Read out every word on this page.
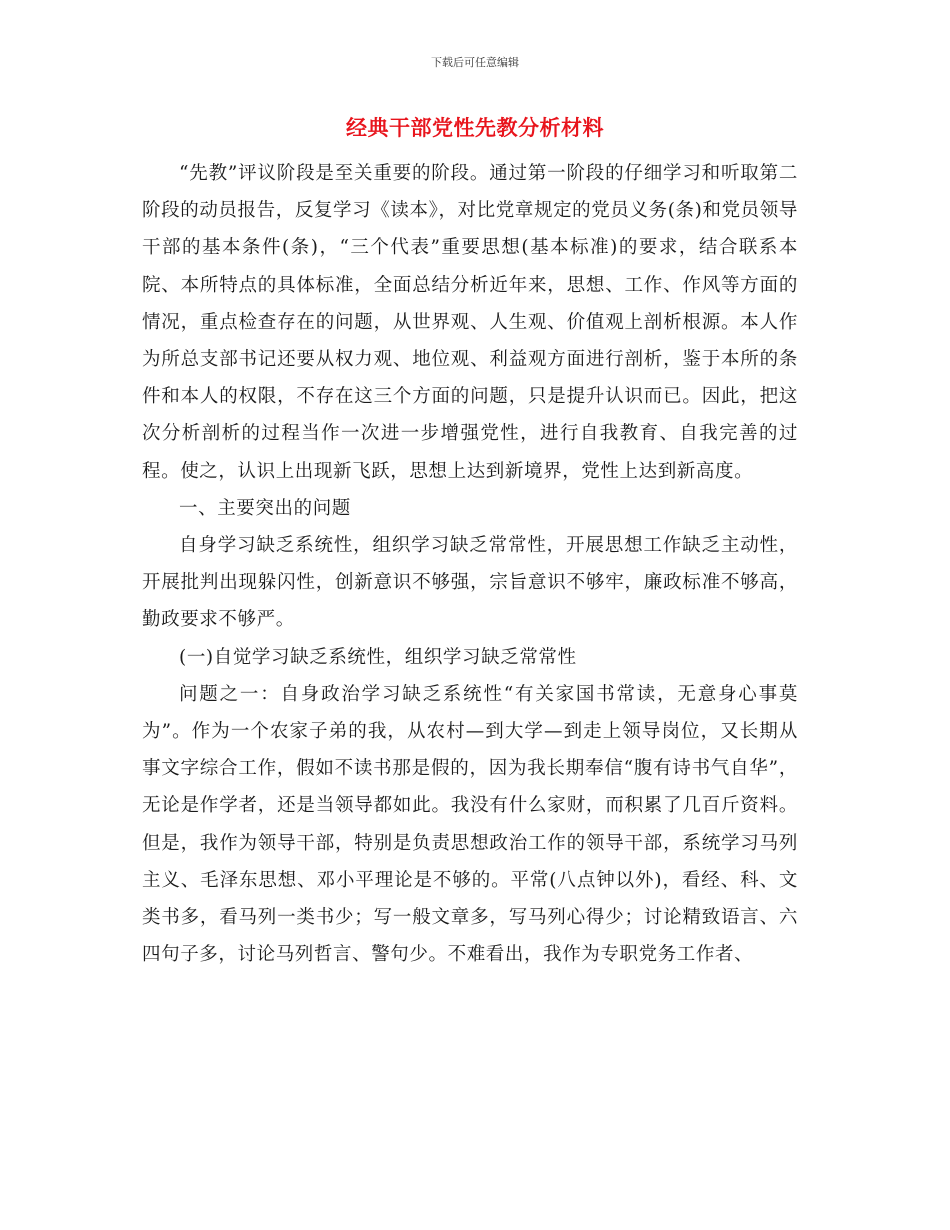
下载后可任意编辑
经典干部党性先教分析材料

“先教”评议阶段是至关重要的阶段。通过第一阶段的仔细学习和听取第二阶段的动员报告，反复学习《读本》，对比党章规定的党员义务(条)和党员领导干部的基本条件(条)，“三个代表”重要思想(基本标准)的要求，结合联系本院、本所特点的具体标准，全面总结分析近年来，思想、工作、作风等方面的情况，重点检查存在的问题，从世界观、人生观、价值观上剖析根源。本人作为所总支部书记还要从权力观、地位观、利益观方面进行剖析，鉴于本所的条件和本人的权限，不存在这三个方面的问题，只是提升认识而已。因此，把这次分析剖析的过程当作一次进一步增强党性，进行自我教育、自我完善的过程。使之，认识上出现新飞跃，思想上达到新境界，党性上达到新高度。

一、主要突出的问题

自身学习缺乏系统性，组织学习缺乏常常性，开展思想工作缺乏主动性，开展批判出现躲闪性，创新意识不够强，宗旨意识不够牢，廉政标准不够高，勤政要求不够严。

(一)自觉学习缺乏系统性，组织学习缺乏常常性

问题之一：自身政治学习缺乏系统性“有关家国书常读，无意身心事莫为”。作为一个农家子弟的我，从农村—到大学—到走上领导岗位，又长期从事文字综合工作，假如不读书那是假的，因为我长期奉信“腹有诗书气自华”，无论是作学者，还是当领导都如此。我没有什么家财，而积累了几百斤资料。但是，我作为领导干部，特别是负责思想政治工作的领导干部，系统学习马列主义、毛泽东思想、邓小平理论是不够的。平常(八点钟以外)，看经、科、文类书多，看马列一类书少；写一般文章多，写马列心得少；讨论精致语言、六四句子多，讨论马列哲言、警句少。不难看出，我作为专职党务工作者、
